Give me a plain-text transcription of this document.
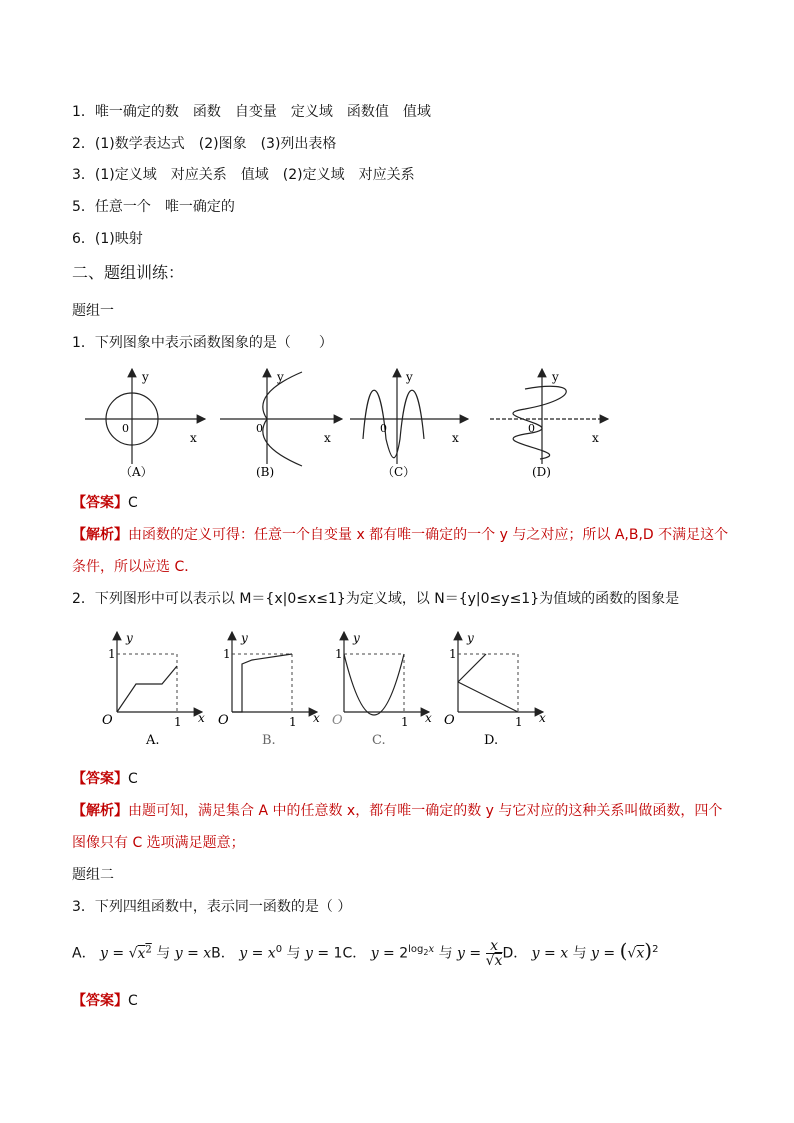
1．唯一确定的数　函数　自变量　定义域　函数值　值域
2．(1)数学表达式　(2)图象　(3)列出表格
3．(1)定义域　对应关系　值域　(2)定义域　对应关系
5．任意一个　唯一确定的
6．(1)映射
二、题组训练：
题组一
1．下列图象中表示函数图象的是（　　）
y
0
x
（A）
y
0
x
(B)
y
0
x
（C）
y
0
x
(D)
【答案】C
【解析】由函数的定义可得：任意一个自变量 x 都有唯一确定的一个 y 与之对应；所以 A,B,D 不满足这个
条件，所以应选 C．
2．下列图形中可以表示以 M＝{x|0≤x≤1}为定义域，以 N＝{y|0≤y≤1}为值域的函数的图象是
y
1
O	1 x
A.
y
1
O	1 x
B.
y
1
O	1 x
C.
y
1
O	1 x
D.
【答案】C
【解析】由题可知，满足集合 A 中的任意数 x，都有唯一确定的数 y 与它对应的这种关系叫做函数，四个
图像只有 C 选项满足题意；
题组二
3．下列四组函数中，表示同一函数的是（ ）
A． $y = √x^2$ 与 y = xB． $y = x^0$ 与 y = 1C． $y = 2^{log_2x}$ 与 $y = \frac{x}{√x}$ D． y = x 与 $y = (√x)^2$
【答案】C
